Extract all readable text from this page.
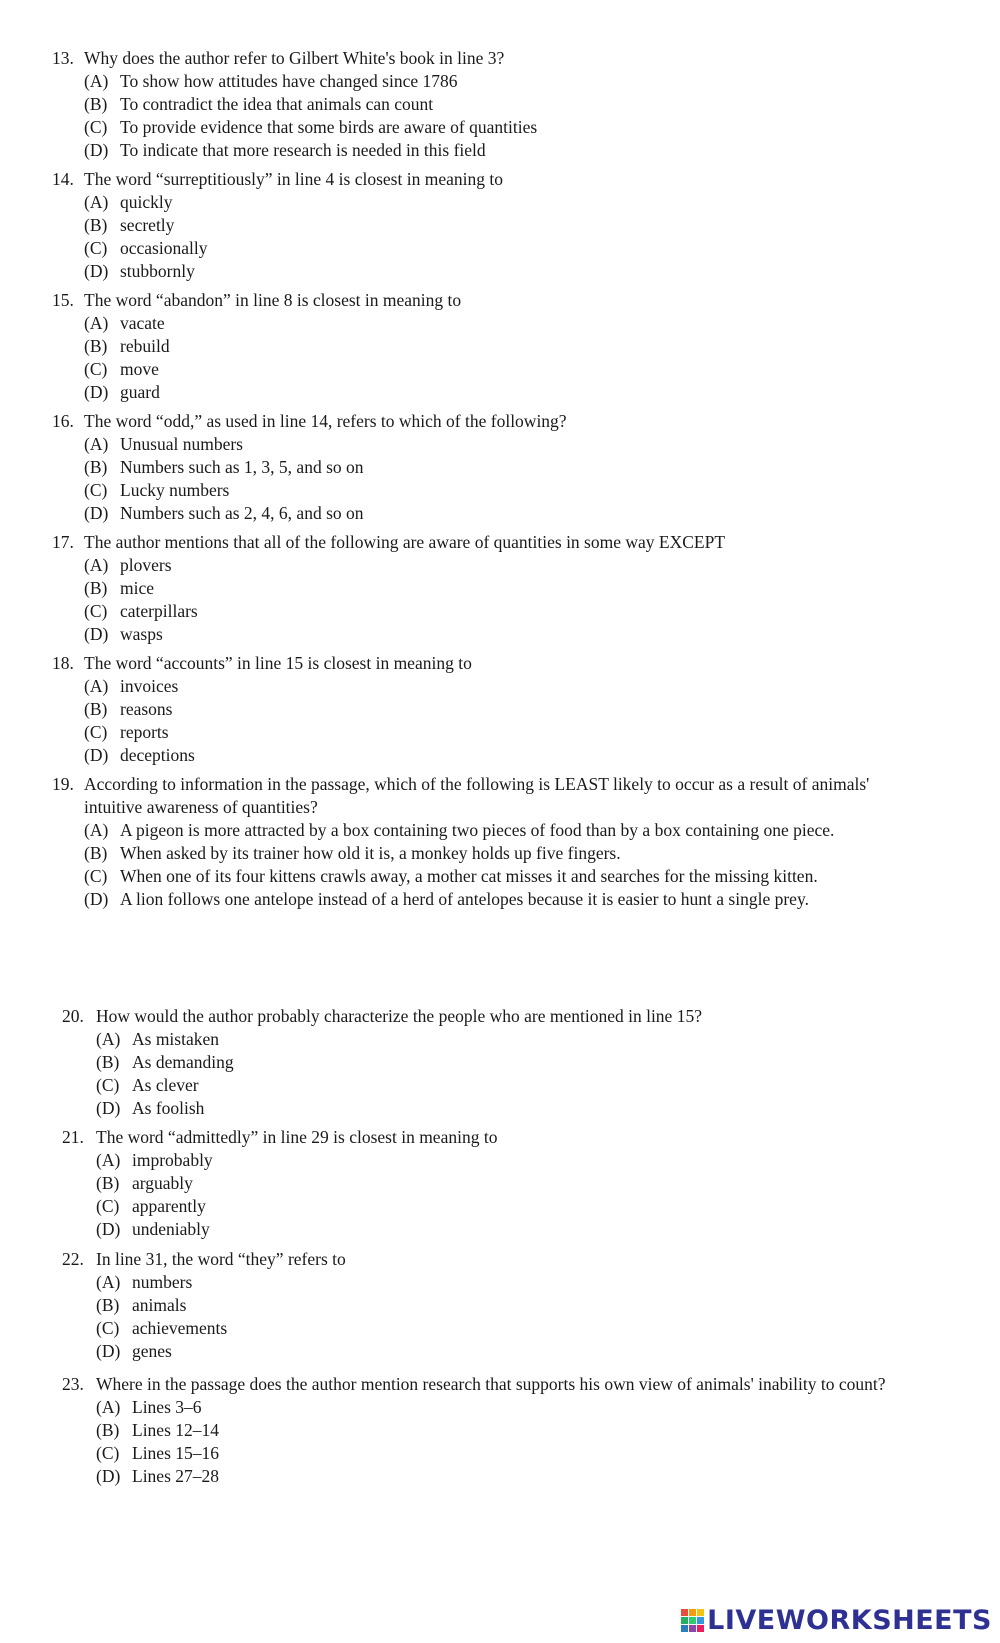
13. Why does the author refer to Gilbert White's book in line 3?
(A) To show how attitudes have changed since 1786
(B) To contradict the idea that animals can count
(C) To provide evidence that some birds are aware of quantities
(D) To indicate that more research is needed in this field
14. The word “surreptitiously” in line 4 is closest in meaning to
(A) quickly
(B) secretly
(C) occasionally
(D) stubbornly
15. The word “abandon” in line 8 is closest in meaning to
(A) vacate
(B) rebuild
(C) move
(D) guard
16. The word “odd,” as used in line 14, refers to which of the following?
(A) Unusual numbers
(B) Numbers such as 1, 3, 5, and so on
(C) Lucky numbers
(D) Numbers such as 2, 4, 6, and so on
17. The author mentions that all of the following are aware of quantities in some way EXCEPT
(A) plovers
(B) mice
(C) caterpillars
(D) wasps
18. The word “accounts” in line 15 is closest in meaning to
(A) invoices
(B) reasons
(C) reports
(D) deceptions
19. According to information in the passage, which of the following is LEAST likely to occur as a result of animals' intuitive awareness of quantities?
(A) A pigeon is more attracted by a box containing two pieces of food than by a box containing one piece.
(B) When asked by its trainer how old it is, a monkey holds up five fingers.
(C) When one of its four kittens crawls away, a mother cat misses it and searches for the missing kitten.
(D) A lion follows one antelope instead of a herd of antelopes because it is easier to hunt a single prey.
20. How would the author probably characterize the people who are mentioned in line 15?
(A) As mistaken
(B) As demanding
(C) As clever
(D) As foolish
21. The word “admittedly” in line 29 is closest in meaning to
(A) improbably
(B) arguably
(C) apparently
(D) undeniably
22. In line 31, the word “they” refers to
(A) numbers
(B) animals
(C) achievements
(D) genes
23. Where in the passage does the author mention research that supports his own view of animals' inability to count?
(A) Lines 3–6
(B) Lines 12–14
(C) Lines 15–16
(D) Lines 27–28
LIVEWORKSHEETS
